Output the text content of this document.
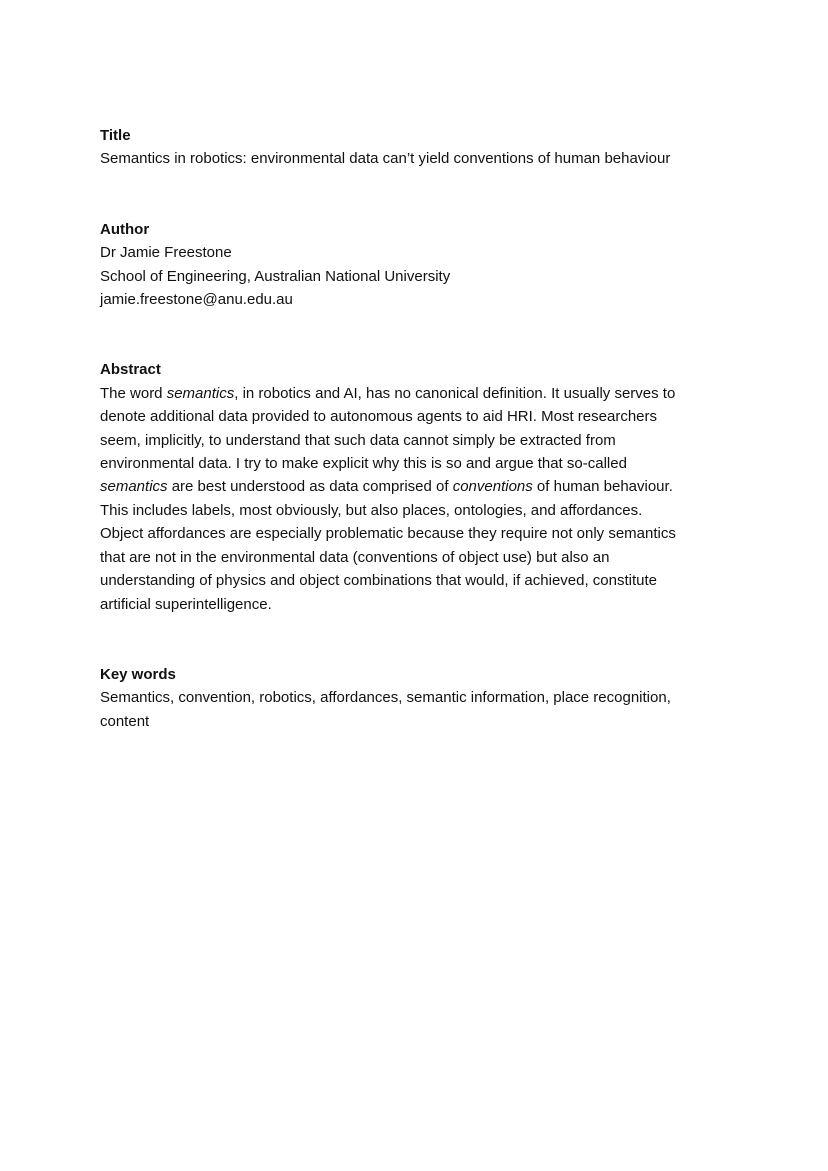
Title

Semantics in robotics: environmental data can’t yield conventions of human behaviour

Author

Dr Jamie Freestone

School of Engineering, Australian National University

jamie.freestone@anu.edu.au

Abstract

The word semantics, in robotics and AI, has no canonical definition. It usually serves to

denote additional data provided to autonomous agents to aid HRI. Most researchers

seem, implicitly, to understand that such data cannot simply be extracted from

environmental data. I try to make explicit why this is so and argue that so-called

semantics are best understood as data comprised of conventions of human behaviour.

This includes labels, most obviously, but also places, ontologies, and affordances.

Object affordances are especially problematic because they require not only semantics

that are not in the environmental data (conventions of object use) but also an

understanding of physics and object combinations that would, if achieved, constitute

artificial superintelligence.

Key words

Semantics, convention, robotics, affordances, semantic information, place recognition,

content
